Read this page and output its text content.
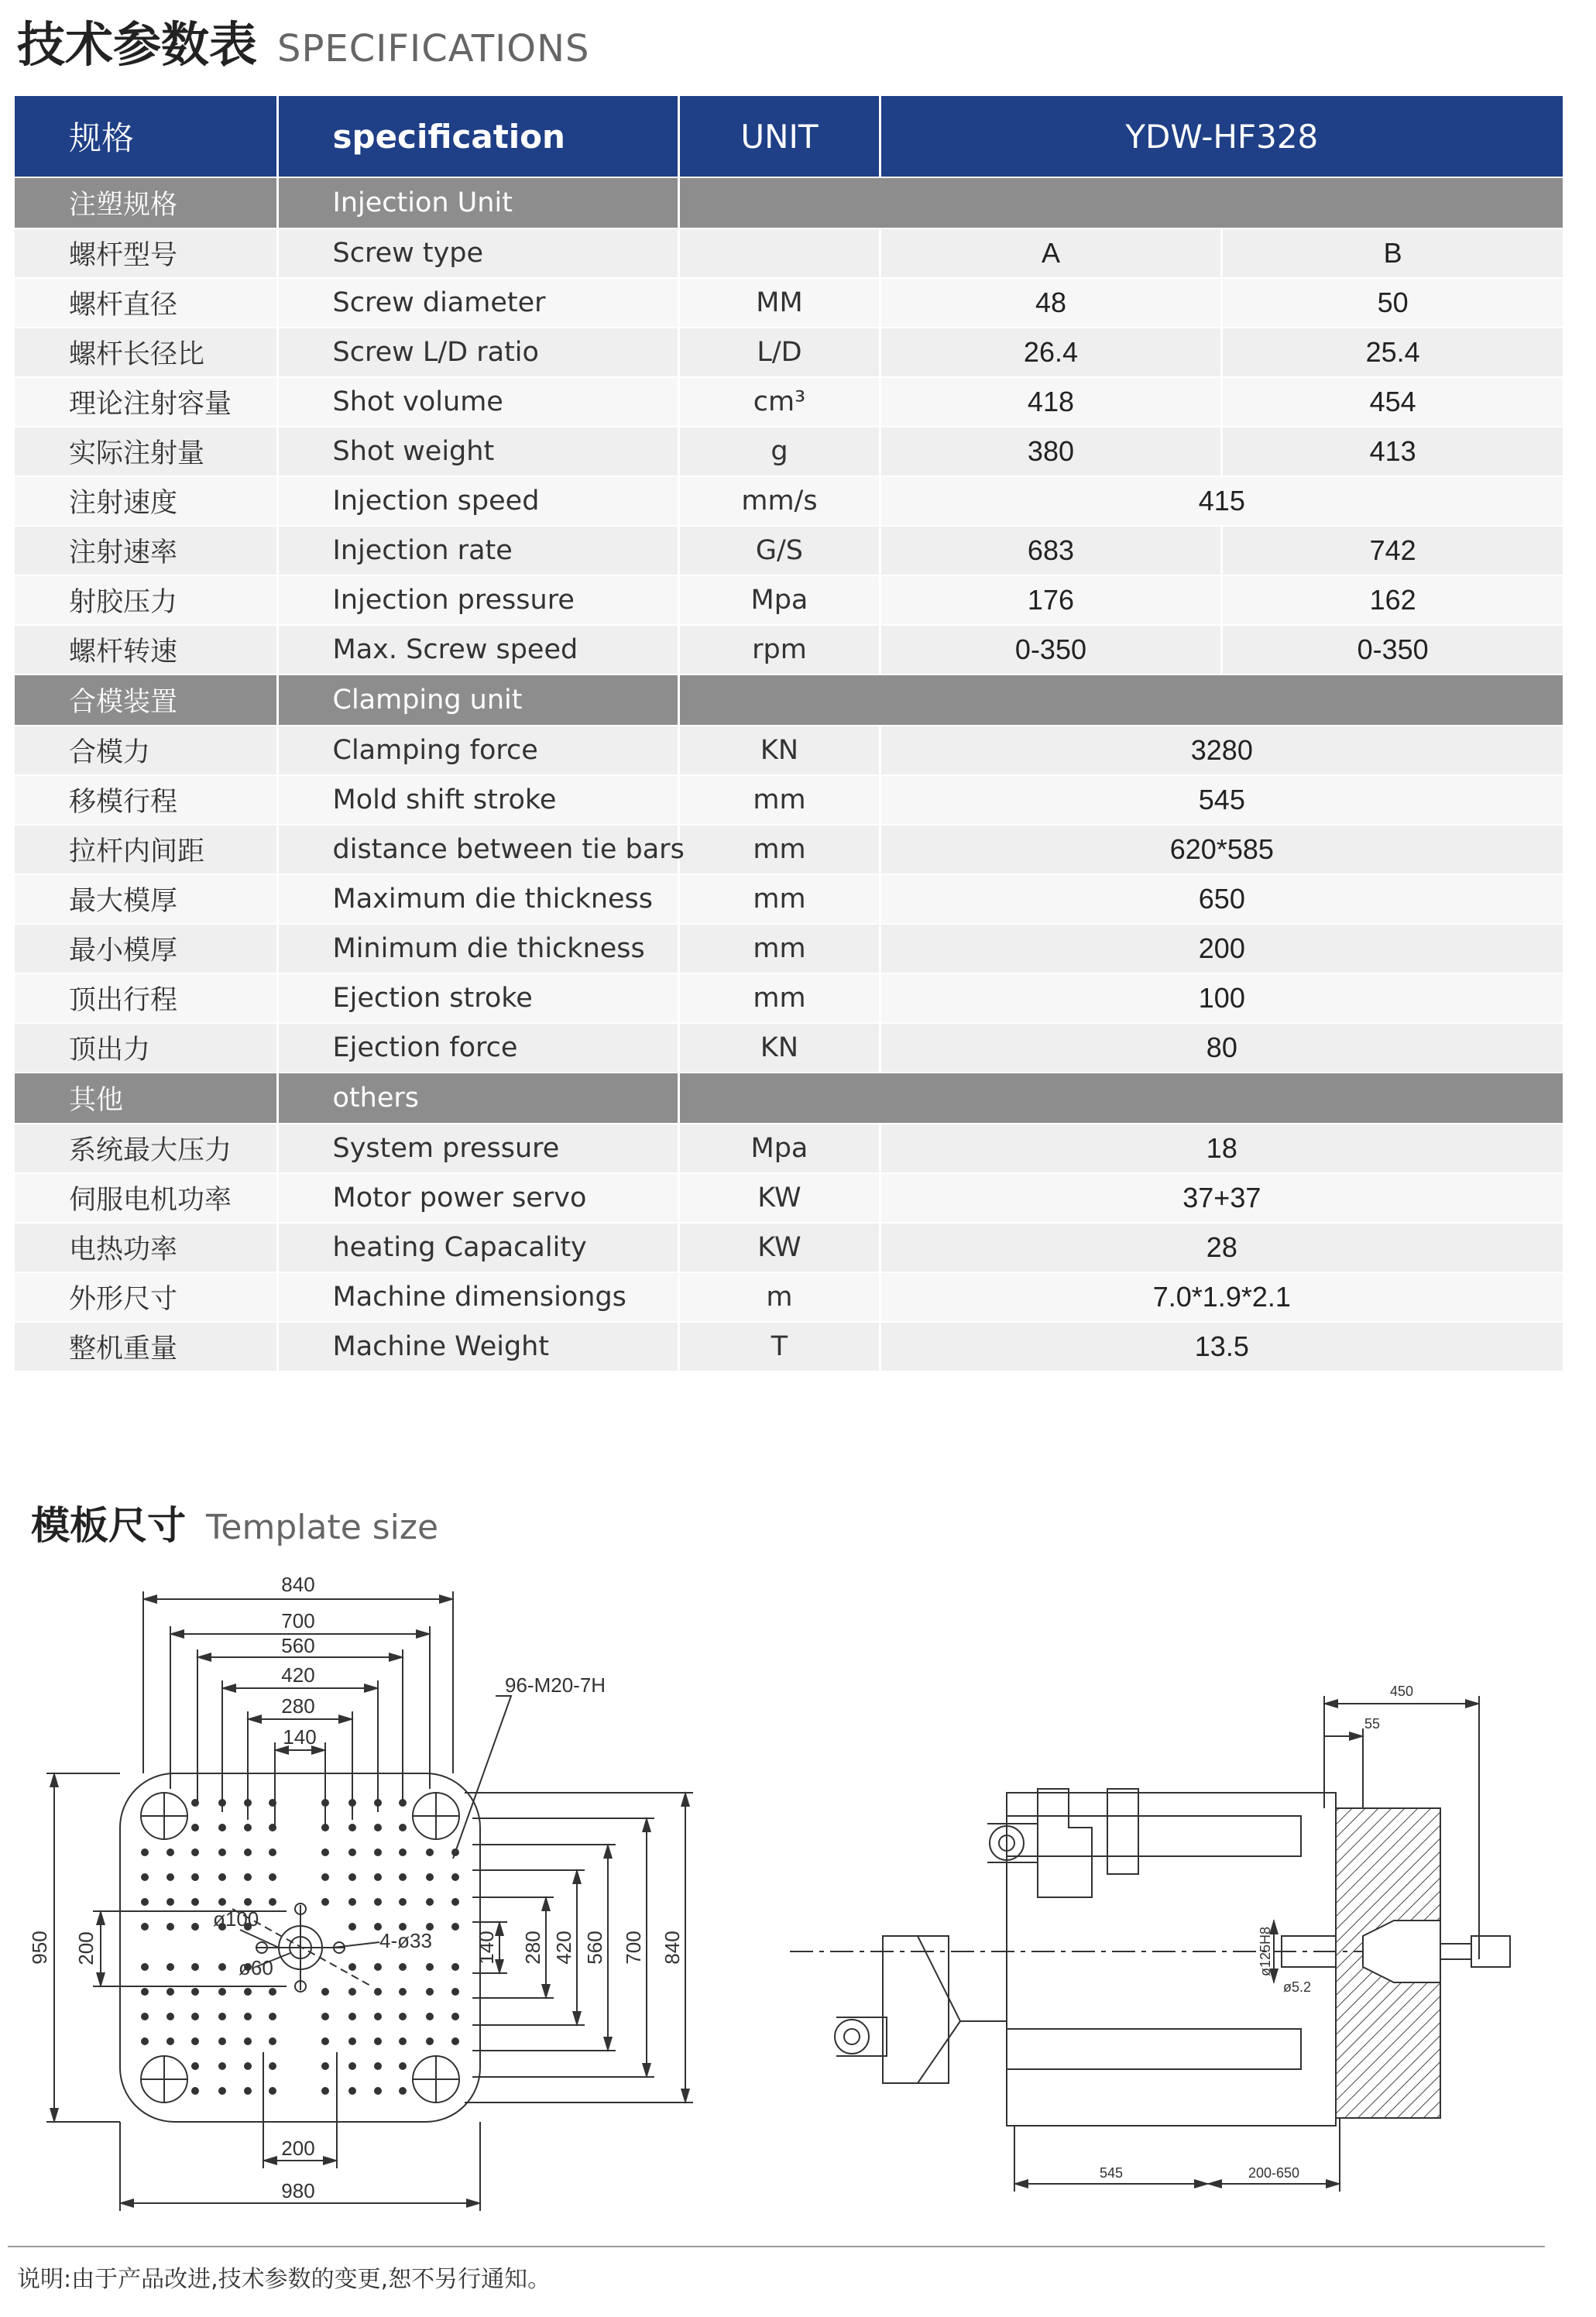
技术参数表 SPECIFICATIONS
规格	specification	UNIT	YDW-HF328	
注塑规格	Injection Unit			
螺杆型号	Screw type		A	B
螺杆直径	Screw diameter	MM	48	50
螺杆长径比	Screw L/D ratio	L/D	26.4	25.4
理论注射容量	Shot volume	cm³	418	454
实际注射量	Shot weight	g	380	413
注射速度	Injection speed	mm/s	415	
注射速率	Injection rate	G/S	683	742
射胶压力	Injection pressure	Mpa	176	162
螺杆转速	Max. Screw speed	rpm	0-350	0-350
合模装置	Clamping unit			
合模力	Clamping force	KN	3280	
移模行程	Mold shift stroke	mm	545	
拉杆内间距	distance between tie bars	mm	620*585	
最大模厚	Maximum die thickness	mm	650	
最小模厚	Minimum die thickness	mm	200	
顶出行程	Ejection stroke	mm	100	
顶出力	Ejection force	KN	80	
其他	others			
系统最大压力	System pressure	Mpa	18	
伺服电机功率	Motor power servo	KW	37+37	
电热功率	heating Capacality	KW	28	
外形尺寸	Machine dimensiongs	m	7.0*1.9*2.1	
整机重量	Machine Weight	T	13.5	
模板尺寸 Template size
840
700
560
420
280
140
200
980
950 200	140 280 420 560 700 840
96-M20-7H
ø100
ø60
4-ø33
450
55
ø125H8
ø5.2
545	200-650
说明:由于产品改进,技术参数的变更,恕不另行通知。
